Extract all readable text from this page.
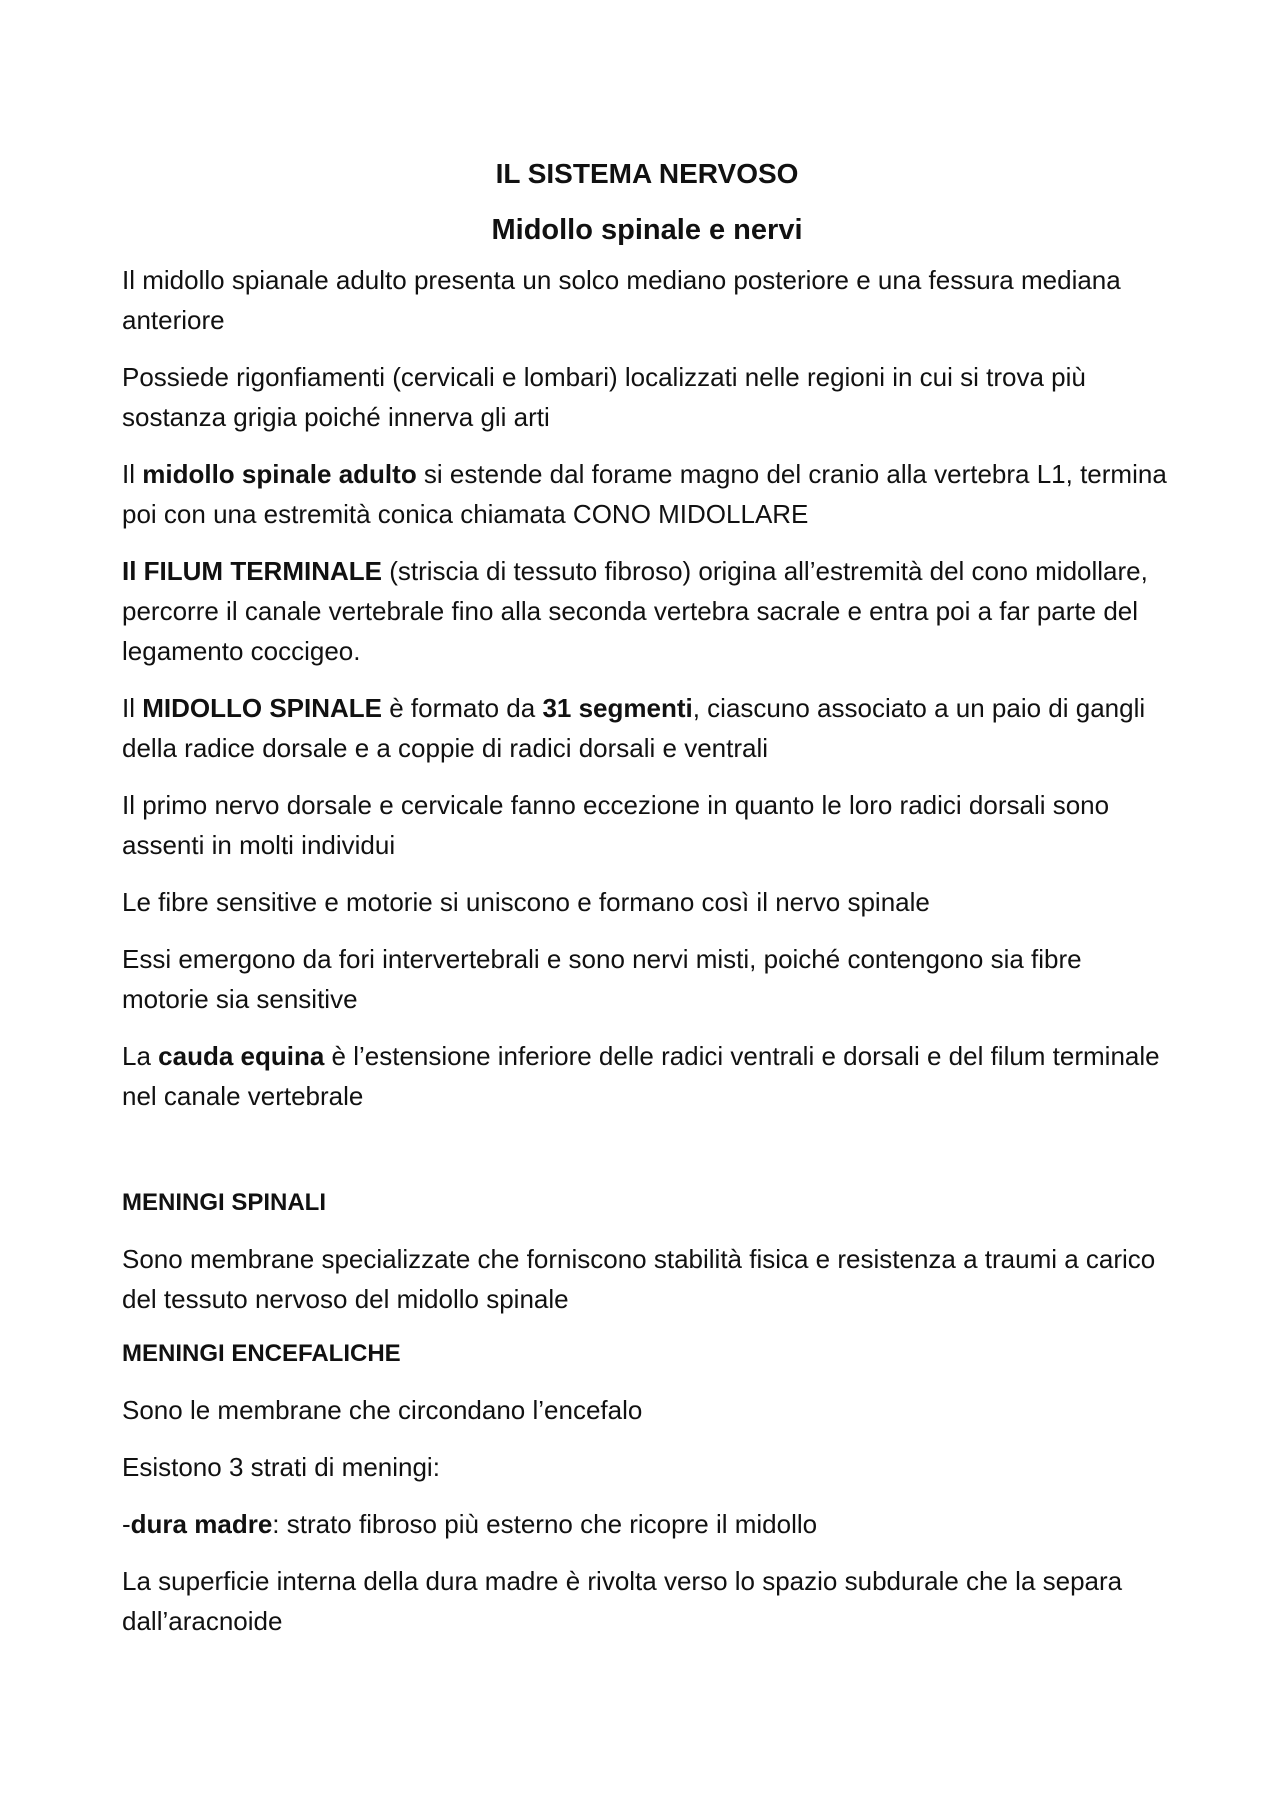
IL SISTEMA NERVOSO
Midollo spinale e nervi

Il midollo spianale adulto presenta un solco mediano posteriore e una fessura mediana anteriore

Possiede rigonfiamenti (cervicali e lombari) localizzati nelle regioni in cui si trova più sostanza grigia poiché innerva gli arti

Il midollo spinale adulto si estende dal forame magno del cranio alla vertebra L1, termina poi con una estremità conica chiamata CONO MIDOLLARE

Il FILUM TERMINALE (striscia di tessuto fibroso) origina all’estremità del cono midollare, percorre il canale vertebrale fino alla seconda vertebra sacrale e entra poi a far parte del legamento coccigeo.

Il MIDOLLO SPINALE è formato da 31 segmenti, ciascuno associato a un paio di gangli della radice dorsale e a coppie di radici dorsali e ventrali

Il primo nervo dorsale e cervicale fanno eccezione in quanto le loro radici dorsali sono assenti in molti individui

Le fibre sensitive e motorie si uniscono e formano così il nervo spinale

Essi emergono da fori intervertebrali e sono nervi misti, poiché contengono sia fibre motorie sia sensitive

La cauda equina è l’estensione inferiore delle radici ventrali e dorsali e del filum terminale nel canale vertebrale

MENINGI SPINALI

Sono membrane specializzate che forniscono stabilità fisica e resistenza a traumi a carico del tessuto nervoso del midollo spinale

MENINGI ENCEFALICHE

Sono le membrane che circondano l’encefalo

Esistono 3 strati di meningi:

-dura madre: strato fibroso più esterno che ricopre il midollo

La superficie interna della dura madre è rivolta verso lo spazio subdurale che la separa dall’aracnoide
